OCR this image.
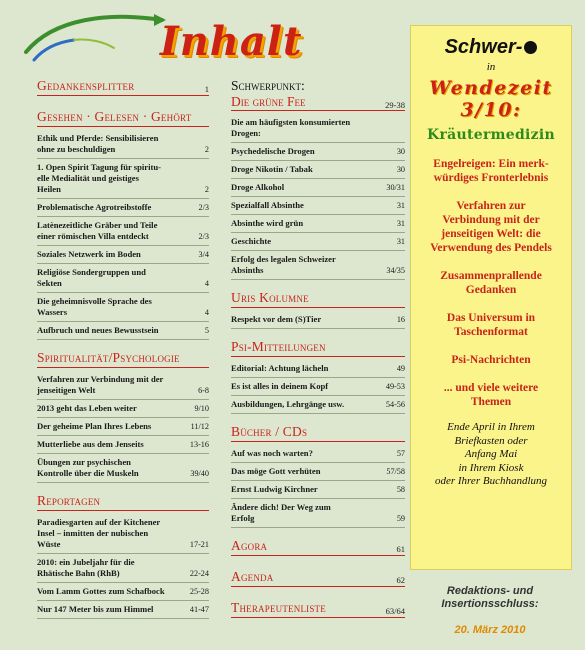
Inhalt
Gedankensplitter	1
Gesehen · Gelesen · Gehört
Ethik und Pferde: Sensibilisieren
ohne zu beschuldigen	2
1. Open Spirit Tagung für spiritu-
elle Medialität und geistiges
Heilen	2
Problematische Agrotreibstoffe	2/3
Latènezeitliche Gräber und Teile
einer römischen Villa entdeckt	2/3
Soziales Netzwerk im Boden	3/4
Religiöse Sondergruppen und
Sekten	4
Die geheimnisvolle Sprache des
Wassers	4
Aufbruch und neues Bewusstsein	5
Spiritualität/Psychologie
Verfahren zur Verbindung mit der
jenseitigen Welt	6-8
2013 geht das Leben weiter	9/10
Der geheime Plan Ihres Lebens	11/12
Mutterliebe aus dem Jenseits	13-16
Übungen zur psychischen
Kontrolle über die Muskeln	39/40
Reportagen
Paradiesgarten auf der Kitchener
Insel – inmitten der nubischen
Wüste	17-21
2010: ein Jubeljahr für die
Rhätische Bahn (RhB)	22-24
Vom Lamm Gottes zum Schafbock	25-28
Nur 147 Meter bis zum Himmel	41-47
Schwerpunkt:
Die grüne Fee	29-38
Die am häufigsten konsumierten
Drogen:
Psychedelische Drogen	30
Droge Nikotin / Tabak	30
Droge Alkohol	30/31
Spezialfall Absinthe	31
Absinthe wird grün	31
Geschichte	31
Erfolg des legalen Schweizer
Absinths	34/35
Uris Kolumne
Respekt vor dem (S)Tier	16
Psi-Mitteilungen
Editorial: Achtung lächeln	49
Es ist alles in deinem Kopf	49-53
Ausbildungen, Lehrgänge usw.	54-56
Bücher / CDs
Auf was noch warten?	57
Das möge Gott verhüten	57/58
Ernst Ludwig Kirchner	58
Ändere dich! Der Weg zum
Erfolg	59
Agora	61
Agenda	62
Therapeutenliste	63/64
Schwer-
in
Wendezeit
3/10:
Kräutermedizin
Engelreigen: Ein merk-
würdiges Fronterlebnis
Verfahren zur
Verbindung mit der
jenseitigen Welt: die
Verwendung des Pendels
Zusammenprallende
Gedanken
Das Universum in
Taschenformat
Psi-Nachrichten
... und viele weitere
Themen
Ende April in Ihrem
Briefkasten oder
Anfang Mai
in Ihrem Kiosk
oder Ihrer Buchhandlung

Redaktions- und
Insertionsschluss:

20. März 2010
